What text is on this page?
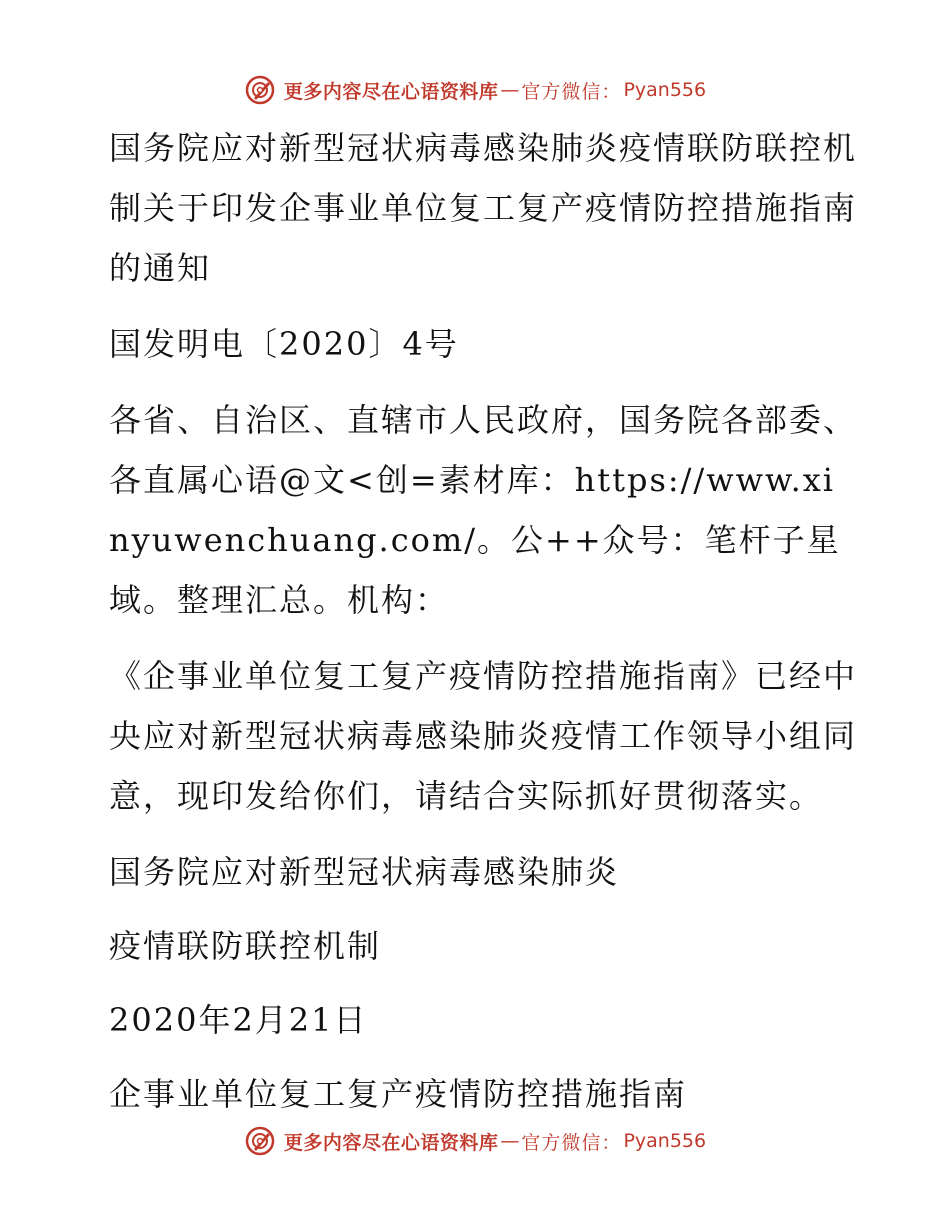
更多内容尽在心语资料库 — 官方微信： Pyan556

国务院应对新型冠状病毒感染肺炎疫情联防联控机制关于印发企事业单位复工复产疫情防控措施指南的通知

国发明电〔2020〕4号

各省、自治区、直辖市人民政府，国务院各部委、各直属心语@文<创=素材库：https://www.xinyuwenchuang.com/。公++众号：笔杆子星域。整理汇总。机构：

《企事业单位复工复产疫情防控措施指南》已经中央应对新型冠状病毒感染肺炎疫情工作领导小组同意，现印发给你们，请结合实际抓好贯彻落实。

国务院应对新型冠状病毒感染肺炎

疫情联防联控机制

2020年2月21日

企事业单位复工复产疫情防控措施指南

更多内容尽在心语资料库 — 官方微信： Pyan556
